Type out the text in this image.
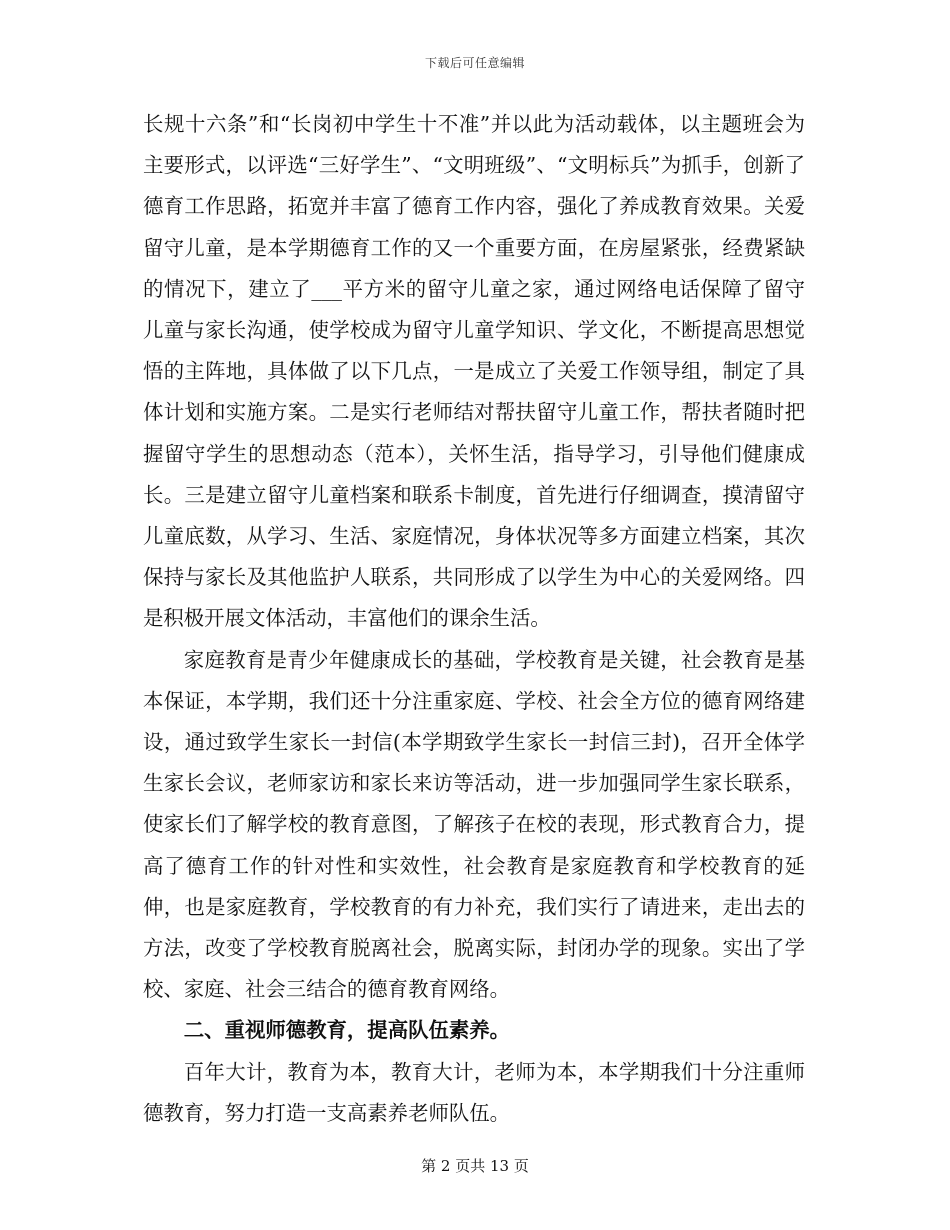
下载后可任意编辑

长规十六条”和“长岗初中学生十不准”并以此为活动载体，以主题班会为主要形式，以评选“三好学生”、“文明班级”、“文明标兵”为抓手，创新了德育工作思路，拓宽并丰富了德育工作内容，强化了养成教育效果。关爱留守儿童，是本学期德育工作的又一个重要方面，在房屋紧张，经费紧缺的情况下，建立了___平方米的留守儿童之家，通过网络电话保障了留守儿童与家长沟通，使学校成为留守儿童学知识、学文化，不断提高思想觉悟的主阵地，具体做了以下几点，一是成立了关爱工作领导组，制定了具体计划和实施方案。二是实行老师结对帮扶留守儿童工作，帮扶者随时把握留守学生的思想动态（范本），关怀生活，指导学习，引导他们健康成长。三是建立留守儿童档案和联系卡制度，首先进行仔细调查，摸清留守儿童底数，从学习、生活、家庭情况，身体状况等多方面建立档案，其次保持与家长及其他监护人联系，共同形成了以学生为中心的关爱网络。四是积极开展文体活动，丰富他们的课余生活。

家庭教育是青少年健康成长的基础，学校教育是关键，社会教育是基本保证，本学期，我们还十分注重家庭、学校、社会全方位的德育网络建设，通过致学生家长一封信(本学期致学生家长一封信三封)，召开全体学生家长会议，老师家访和家长来访等活动，进一步加强同学生家长联系，使家长们了解学校的教育意图，了解孩子在校的表现，形式教育合力，提高了德育工作的针对性和实效性，社会教育是家庭教育和学校教育的延伸，也是家庭教育，学校教育的有力补充，我们实行了请进来，走出去的方法，改变了学校教育脱离社会，脱离实际，封闭办学的现象。实出了学校、家庭、社会三结合的德育教育网络。

二、重视师德教育，提高队伍素养。

百年大计，教育为本，教育大计，老师为本，本学期我们十分注重师德教育，努力打造一支高素养老师队伍。

第 2 页共 13 页
